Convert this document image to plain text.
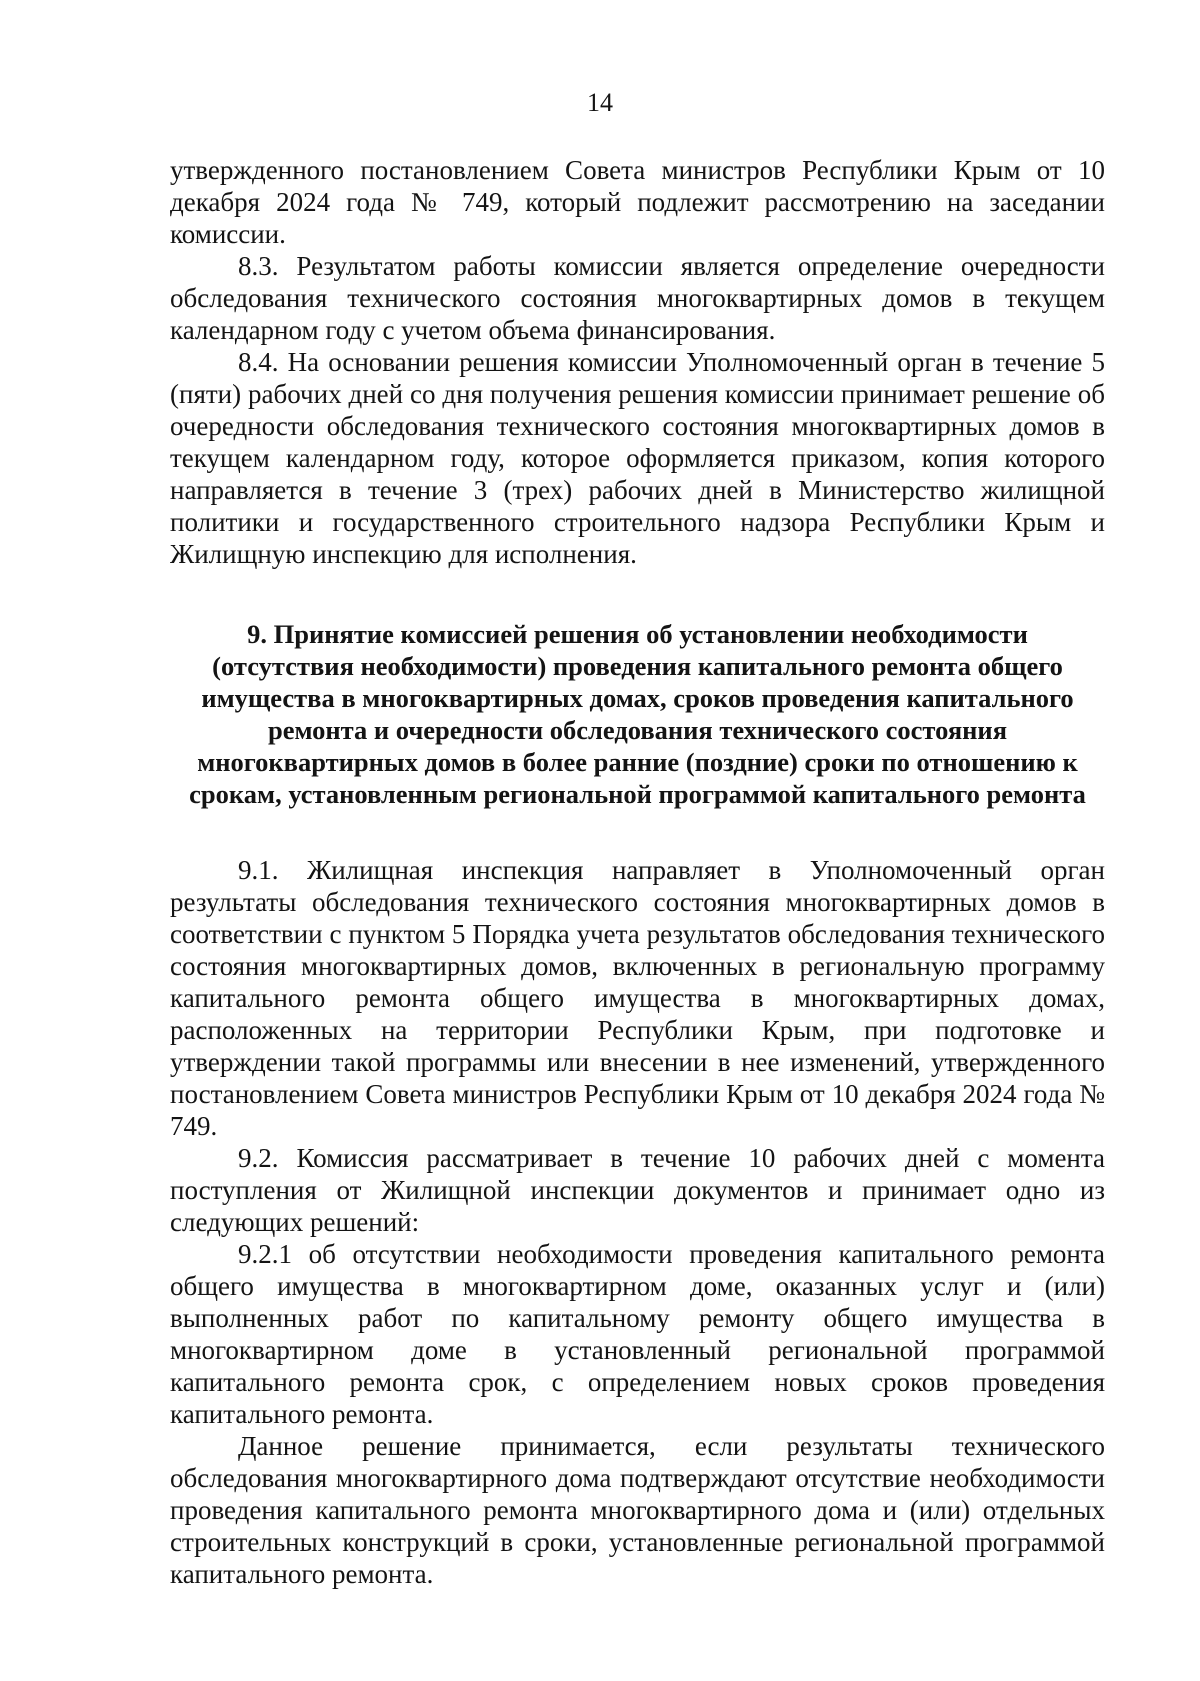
14

утвержденного постановлением Совета министров Республики Крым от 10 декабря 2024 года № 749, который подлежит рассмотрению на заседании комиссии.

8.3. Результатом работы комиссии является определение очередности обследования технического состояния многоквартирных домов в текущем календарном году с учетом объема финансирования.

8.4. На основании решения комиссии Уполномоченный орган в течение 5 (пяти) рабочих дней со дня получения решения комиссии принимает решение об очередности обследования технического состояния многоквартирных домов в текущем календарном году, которое оформляется приказом, копия которого направляется в течение 3 (трех) рабочих дней в Министерство жилищной политики и государственного строительного надзора Республики Крым и Жилищную инспекцию для исполнения.

9. Принятие комиссией решения об установлении необходимости (отсутствия необходимости) проведения капитального ремонта общего имущества в многоквартирных домах, сроков проведения капитального ремонта и очередности обследования технического состояния многоквартирных домов в более ранние (поздние) сроки по отношению к срокам, установленным региональной программой капитального ремонта

9.1. Жилищная инспекция направляет в Уполномоченный орган результаты обследования технического состояния многоквартирных домов в соответствии с пунктом 5 Порядка учета результатов обследования технического состояния многоквартирных домов, включенных в региональную программу капитального ремонта общего имущества в многоквартирных домах, расположенных на территории Республики Крым, при подготовке и утверждении такой программы или внесении в нее изменений, утвержденного постановлением Совета министров Республики Крым от 10 декабря 2024 года № 749.

9.2. Комиссия рассматривает в течение 10 рабочих дней с момента поступления от Жилищной инспекции документов и принимает одно из следующих решений:

9.2.1 об отсутствии необходимости проведения капитального ремонта общего имущества в многоквартирном доме, оказанных услуг и (или) выполненных работ по капитальному ремонту общего имущества в многоквартирном доме в установленный региональной программой капитального ремонта срок, с определением новых сроков проведения капитального ремонта.

Данное решение принимается, если результаты технического обследования многоквартирного дома подтверждают отсутствие необходимости проведения капитального ремонта многоквартирного дома и (или) отдельных строительных конструкций в сроки, установленные региональной программой капитального ремонта.
